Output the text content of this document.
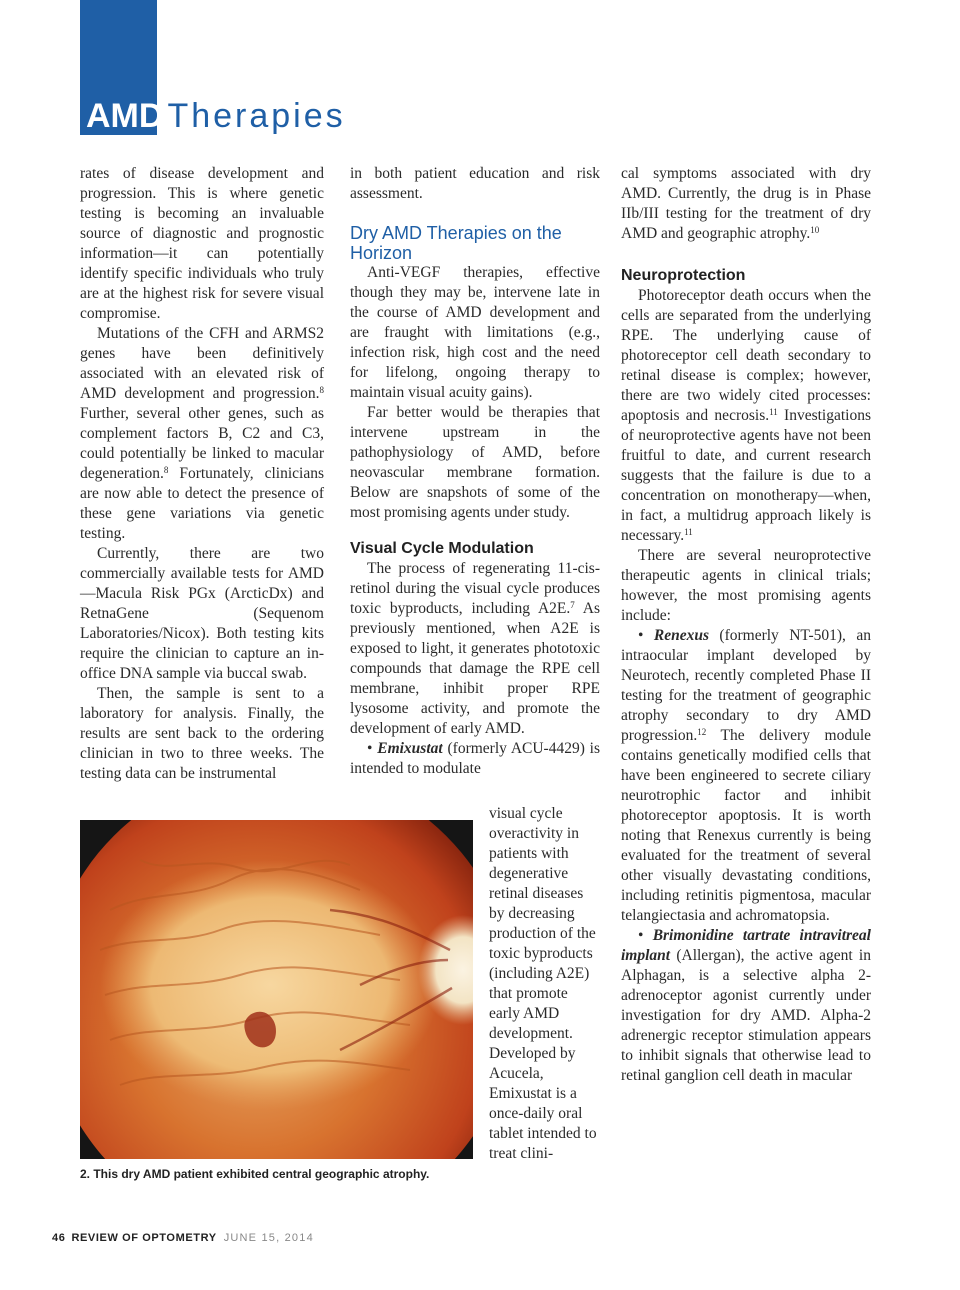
AMD Therapies

rates of disease development and progression. This is where genetic testing is becoming an invaluable source of diagnostic and prognostic information—it can potentially identify specific individuals who truly are at the highest risk for severe visual compromise.

Mutations of the CFH and ARMS2 genes have been definitively associated with an elevated risk of AMD development and progression.$^8$ Further, several other genes, such as complement factors B, C2 and C3, could potentially be linked to macular degeneration.$^8$ Fortunately, clinicians are now able to detect the presence of these gene variations via genetic testing.

Currently, there are two commercially available tests for AMD—Macula Risk PGx (ArcticDx) and RetnaGene (Sequenom Laboratories/Nicox). Both testing kits require the clinician to capture an in-office DNA sample via buccal swab.

Then, the sample is sent to a laboratory for analysis. Finally, the results are sent back to the ordering clinician in two to three weeks. The testing data can be instrumental

in both patient education and risk assessment.

Dry AMD Therapies on the Horizon

Anti-VEGF therapies, effective though they may be, intervene late in the course of AMD development and are fraught with limitations (e.g., infection risk, high cost and the need for lifelong, ongoing therapy to maintain visual acuity gains).

Far better would be therapies that intervene upstream in the pathophysiology of AMD, before neovascular membrane formation. Below are snapshots of some of the most promising agents under study.

Visual Cycle Modulation

The process of regenerating 11-cis-retinol during the visual cycle produces toxic byproducts, including A2E.$^7$ As previously mentioned, when A2E is exposed to light, it generates phototoxic compounds that damage the RPE cell membrane, inhibit proper RPE lysosome activity, and promote the development of early AMD.

• Emixustat (formerly ACU-4429) is intended to modulate

visual cycle overactivity in patients with degenerative retinal diseases by decreasing production of the toxic byproducts (including A2E) that promote early AMD development. Developed by Acucela, Emixustat is a once-daily oral tablet intended to treat clini-

2. This dry AMD patient exhibited central geographic atrophy.

cal symptoms associated with dry AMD. Currently, the drug is in Phase IIb/III testing for the treatment of dry AMD and geographic atrophy.$^{10}$

Neuroprotection

Photoreceptor death occurs when the cells are separated from the underlying RPE. The underlying cause of photoreceptor cell death secondary to retinal disease is complex; however, there are two widely cited processes: apoptosis and necrosis.$^{11}$ Investigations of neuroprotective agents have not been fruitful to date, and current research suggests that the failure is due to a concentration on monotherapy—when, in fact, a multidrug approach likely is necessary.$^{11}$

There are several neuroprotective therapeutic agents in clinical trials; however, the most promising agents include:

• Renexus (formerly NT-501), an intraocular implant developed by Neurotech, recently completed Phase II testing for the treatment of geographic atrophy secondary to dry AMD progression.$^{12}$ The delivery module contains genetically modified cells that have been engineered to secrete ciliary neurotrophic factor and inhibit photoreceptor apoptosis. It is worth noting that Renexus currently is being evaluated for the treatment of several other visually devastating conditions, including retinitis pigmentosa, macular telangiectasia and achromatopsia.

• Brimonidine tartrate intravitreal implant (Allergan), the active agent in Alphagan, is a selective alpha 2-adrenoceptor agonist currently under investigation for dry AMD. Alpha-2 adrenergic receptor stimulation appears to inhibit signals that otherwise lead to retinal ganglion cell death in macular

46 REVIEW OF OPTOMETRY JUNE 15, 2014
